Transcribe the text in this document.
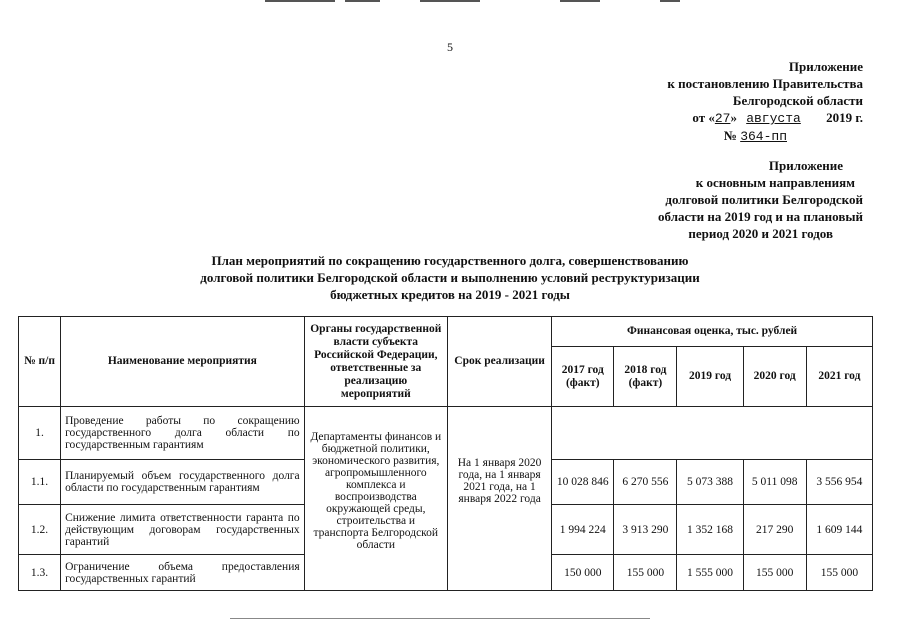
5
Приложение
к постановлению Правительства
Белгородской области
от «27» августа 2019 г.
№ 364-пп
Приложение
к основным направлениям
долговой политики Белгородской
области на 2019 год и на плановый
период 2020 и 2021 годов
План мероприятий по сокращению государственного долга, совершенствованию
долговой политики Белгородской области и выполнению условий реструктуризации
бюджетных кредитов на 2019 - 2021 годы
№ п/п	Наименование мероприятия	Органы государственной власти субъекта Российской Федерации, ответственные за реализацию мероприятий	Срок реализации	Финансовая оценка, тыс. рублей				
				2017 год (факт)	2018 год (факт)	2019 год	2020 год	2021 год
1.	Проведение работы по сокращению государственного долга области по государственным гарантиям	Департаменты финансов и бюджетной политики, экономического развития, агропромышленного комплекса и воспроизводства окружающей среды, строительства и транспорта Белгородской области	На 1 января 2020 года, на 1 января 2021 года, на 1 января 2022 года					
1.1.	Планируемый объем государственного долга области по государственным гарантиям			10 028 846	6 270 556	5 073 388	5 011 098	3 556 954
1.2.	Снижение лимита ответственности гаранта по действующим договорам государственных гарантий			1 994 224	3 913 290	1 352 168	217 290	1 609 144
1.3.	Ограничение объема предоставления государственных гарантий			150 000	155 000	1 555 000	155 000	155 000
